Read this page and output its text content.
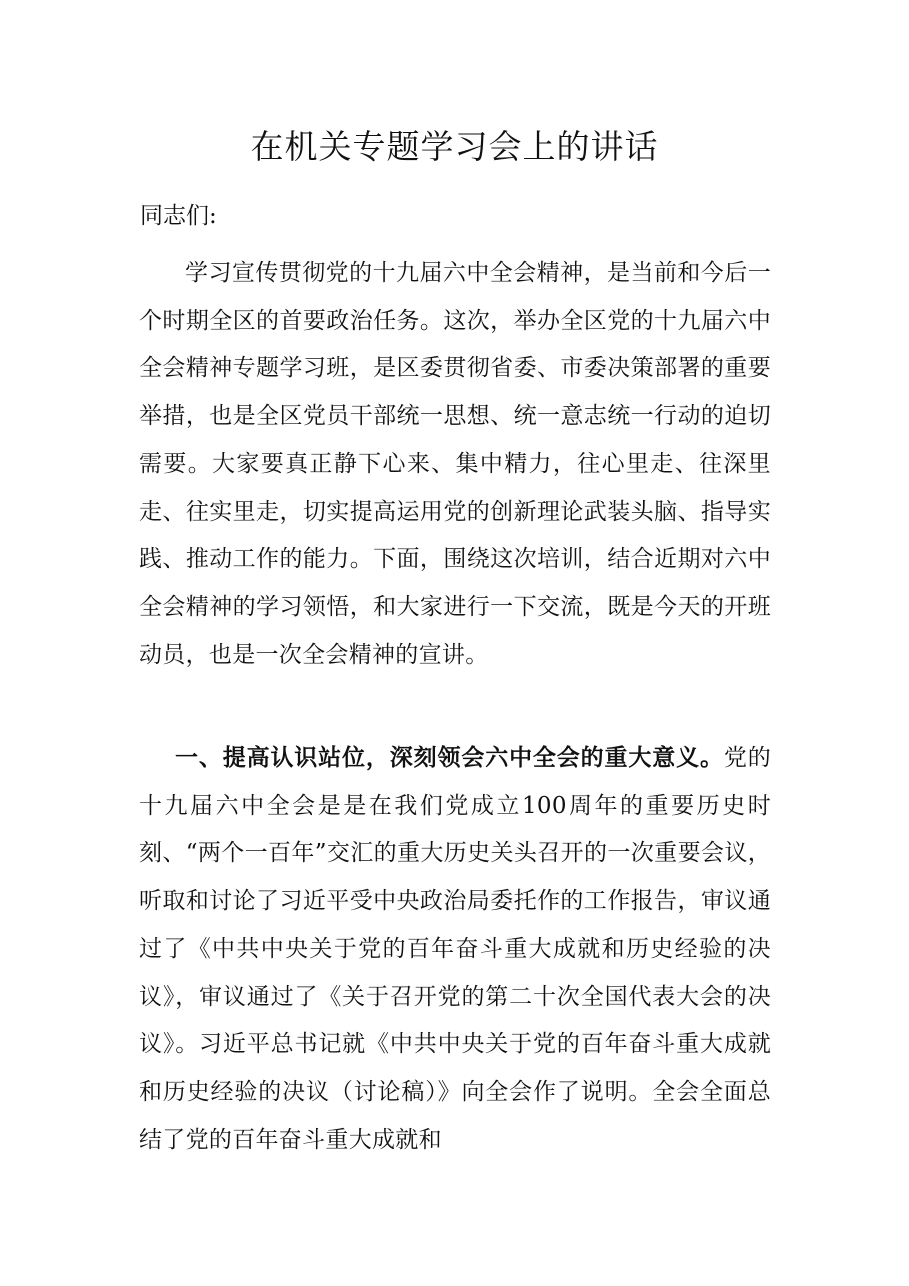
在机关专题学习会上的讲话

同志们:

学习宣传贯彻党的十九届六中全会精神，是当前和今后一个时期全区的首要政治任务。这次，举办全区党的十九届六中全会精神专题学习班，是区委贯彻省委、市委决策部署的重要举措，也是全区党员干部统一思想、统一意志统一行动的迫切需要。大家要真正静下心来、集中精力，往心里走、往深里走、往实里走，切实提高运用党的创新理论武装头脑、指导实践、推动工作的能力。下面，围绕这次培训，结合近期对六中全会精神的学习领悟，和大家进行一下交流，既是今天的开班动员，也是一次全会精神的宣讲。

一、提高认识站位，深刻领会六中全会的重大意义。党的十九届六中全会是是在我们党成立100周年的重要历史时刻、“两个一百年”交汇的重大历史关头召开的一次重要会议，听取和讨论了习近平受中央政治局委托作的工作报告，审议通过了《中共中央关于党的百年奋斗重大成就和历史经验的决议》，审议通过了《关于召开党的第二十次全国代表大会的决议》。习近平总书记就《中共中央关于党的百年奋斗重大成就和历史经验的决议（讨论稿）》向全会作了说明。全会全面总结了党的百年奋斗重大成就和
